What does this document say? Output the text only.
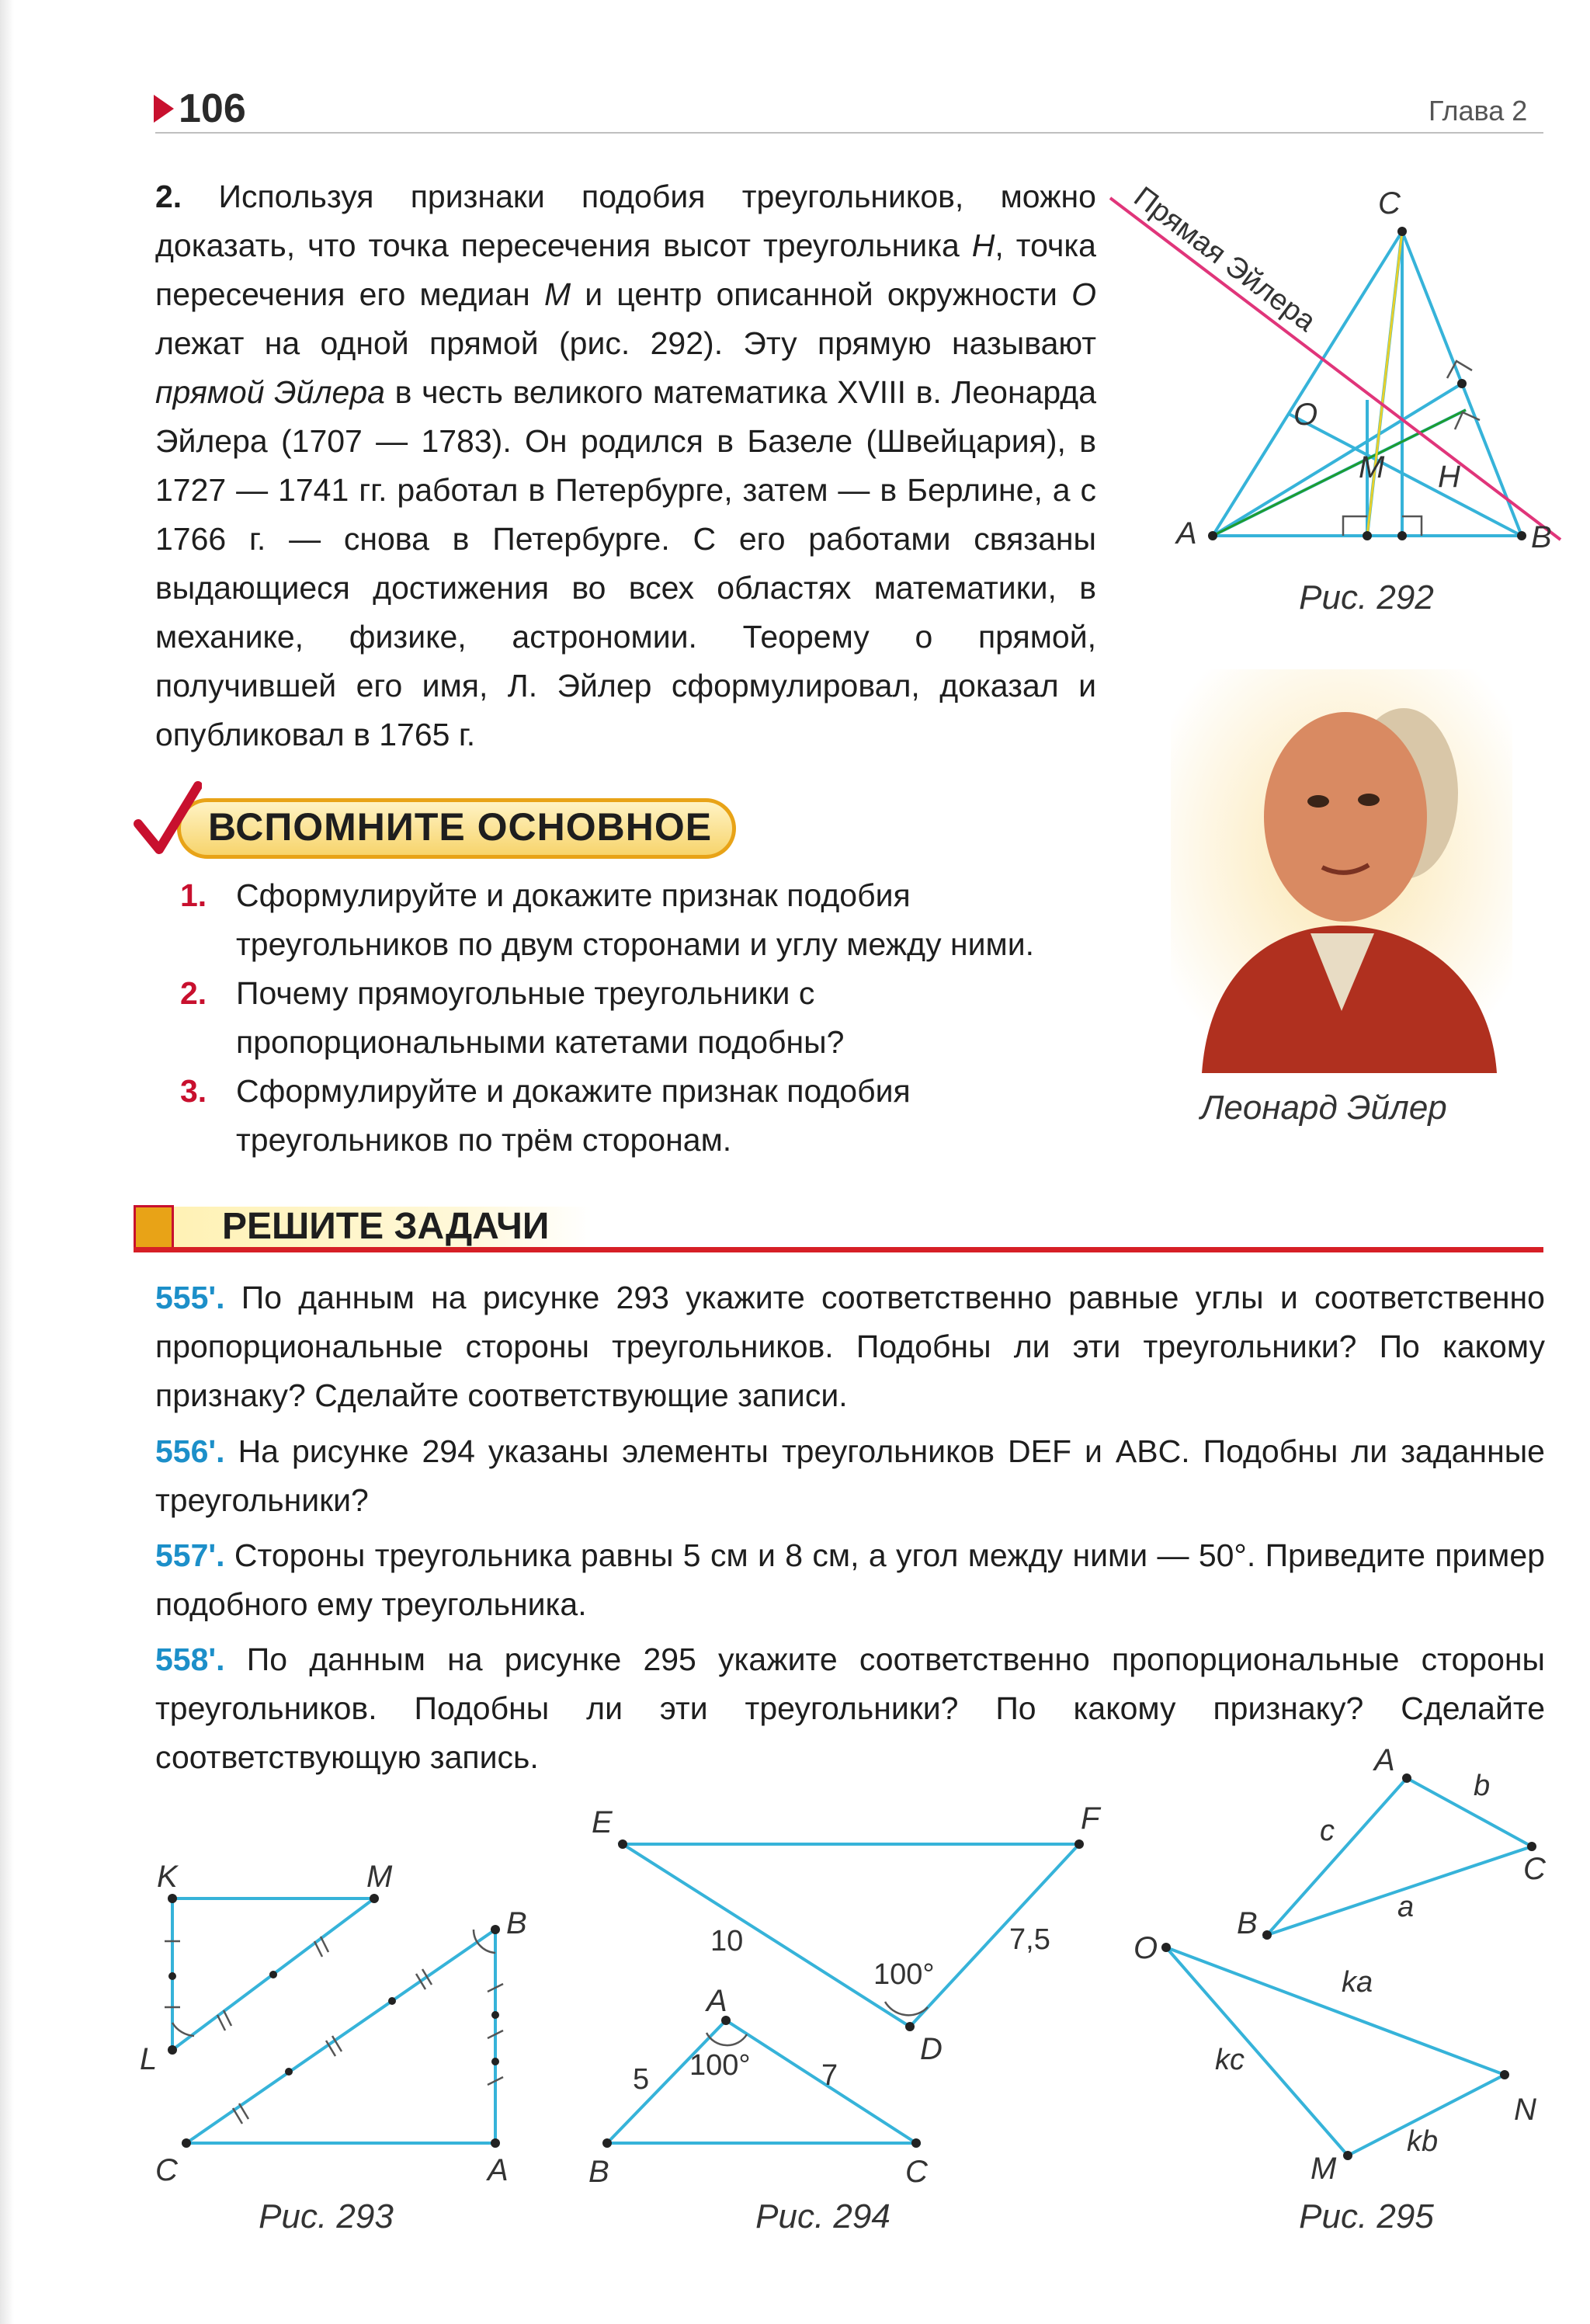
106	Глава 2
2. Используя признаки подобия треугольников, можно доказать, что точка пересечения высот треугольника H, точка пересечения его медиан M и центр описанной окружности O лежат на одной прямой (рис. 292). Эту прямую называют прямой Эйлера в честь великого математика XVIII в. Леонарда Эйлера (1707 — 1783). Он родился в Базеле (Швейцария), в 1727 — 1741 гг. работал в Петербурге, затем — в Берлине, а с 1766 г. — снова в Петербурге. С его работами связаны выдающиеся достижения во всех областях математики, в механике, физике, астрономии. Теорему о прямой, получившей его имя, Л. Эйлер сформулировал, доказал и опубликовал в 1765 г.
A	B
C
O
M H
Прямая Эйлера
Рис. 292
Леонард Эйлер
ВСПОМНИТЕ ОСНОВНОЕ
1. Сформулируйте и докажите признак подобия треугольников по двум сторонами и углу между ними.
2. Почему прямоугольные треугольники с пропорциональными катетами подобны?
3. Сформулируйте и докажите признак подобия треугольников по трём сторонам.
РЕШИТЕ ЗАДАЧИ
555'. По данным на рисунке 293 укажите соответственно равные углы и соответственно пропорциональные стороны треугольников. Подобны ли эти треугольники? По какому признаку? Сделайте соответствующие записи.
556'. На рисунке 294 указаны элементы треугольников DEF и ABC. Подобны ли заданные треугольники?
557'. Стороны треугольника равны 5 см и 8 см, а угол между ними — 50°. Приведите пример подобного ему треугольника.
558'. По данным на рисунке 295 укажите соответственно пропорциональные стороны треугольников. Подобны ли эти треугольники? По какому признаку? Сделайте соответствующую запись.
K	M
L
B
C	A
Рис. 293
E	F
D
A
B	C
10	7,5
100°
5	7
100°
Рис. 294
A
C
B
O
N
M
b
c
a
ka
kc
kb
Рис. 295
